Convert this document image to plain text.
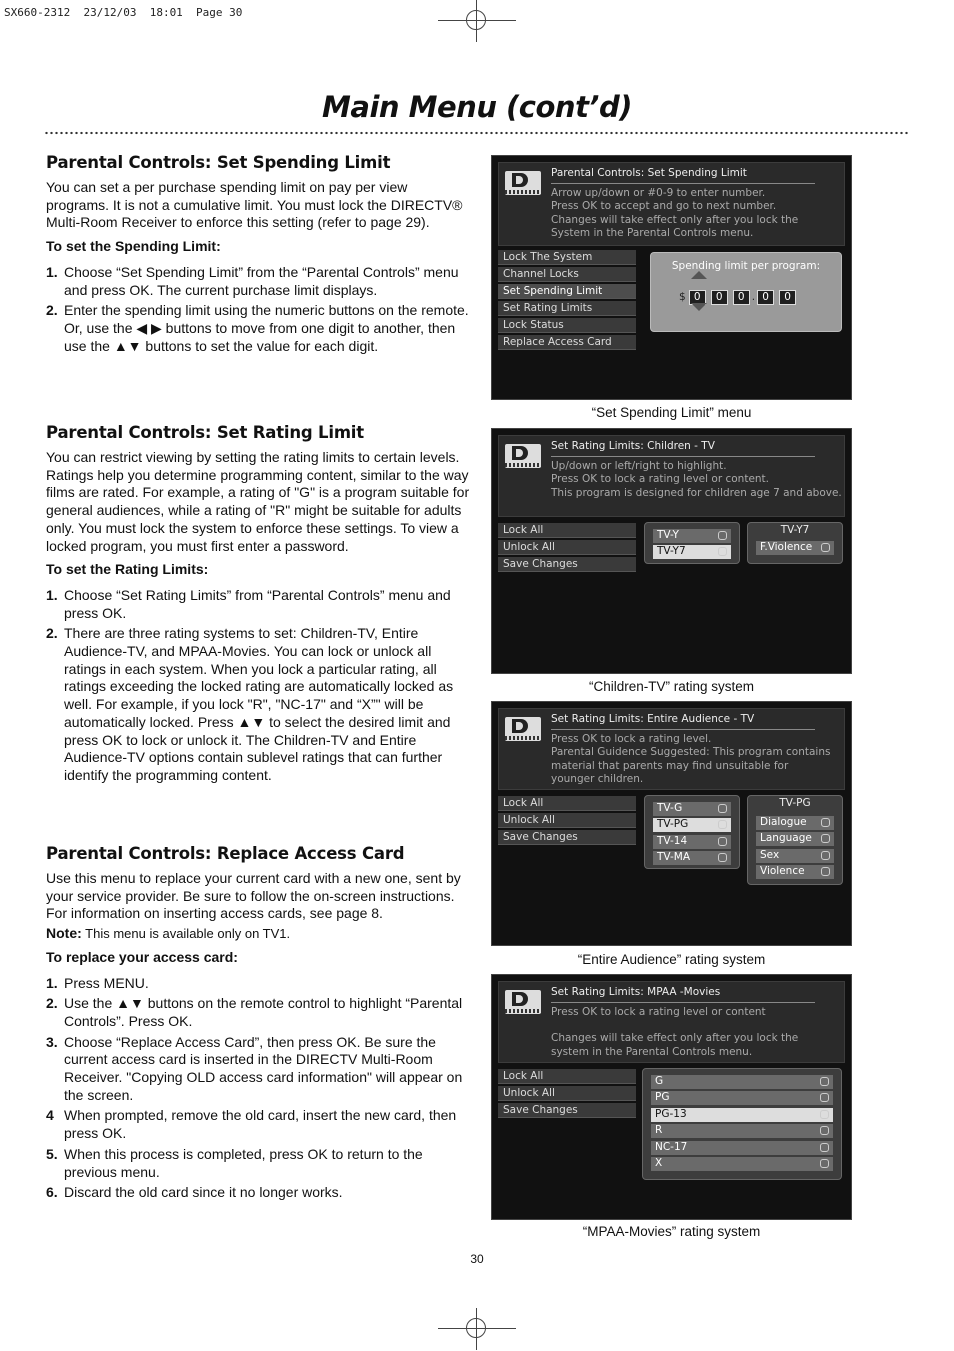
SX660-2312  23/12/03  18:01  Page 30
Main Menu (cont’d)
Parental Controls: Set Spending Limit

You can set a per purchase spending limit on pay per view programs. It is not a cumulative limit. You must lock the DIRECTV® Multi-Room Receiver to enforce this setting (refer to page 29).

To set the Spending Limit:
1. Choose “Set Spending Limit” from the “Parental Controls” menu and press OK. The current purchase limit displays.
2. Enter the spending limit using the numeric buttons on the remote. Or, use the ◀ ▶ buttons to move from one digit to another, then use the ▲▼ buttons to set the value for each digit.
Parental Controls: Set Rating Limit

You can restrict viewing by setting the rating limits to certain levels. Ratings help you determine programming content, similar to the way films are rated. For example, a rating of "G" is a program suitable for general audiences, while a rating of "R" might be suitable for adults only. You must lock the system to enforce these settings. To view a locked program, you must first enter a password.

To set the Rating Limits:
1. Choose “Set Rating Limits” from “Parental Controls” menu and press OK.
2. There are three rating systems to set: Children-TV, Entire Audience-TV, and MPAA-Movies. You can lock or unlock all ratings in each system. When you lock a particular rating, all ratings exceeding the locked rating are automatically locked as well. For example, if you lock "R", "NC-17" and “X”" will be automatically locked. Press ▲▼ to select the desired limit and press OK to lock or unlock it. The Children-TV and Entire Audience-TV options contain sublevel ratings that can further identify the programming content.
Parental Controls: Replace Access Card

Use this menu to replace your current card with a new one, sent by your service provider. Be sure to follow the on-screen instructions. For information on inserting access cards, see page 8.

Note: This menu is available only on TV1.

To replace your access card:
1. Press MENU.
2. Use the ▲▼ buttons on the remote control to highlight “Parental Controls”. Press OK.
3. Choose “Replace Access Card”, then press OK. Be sure the current access card is inserted in the DIRECTV Multi-Room Receiver. "Copying OLD access card information" will appear on the screen.
4 When prompted, remove the old card, insert the new card, then press OK.
5. When this process is completed, press OK to return to the previous menu.
6. Discard the old card since it no longer works.
Parental Controls: Set Spending Limit
Arrow up/down or #0-9 to enter number.
Press OK to accept and go to next number.
Changes will take effect only after you lock the
System in the Parental Controls menu.
Lock The System
Channel Locks
Set Spending Limit
Set Rating Limits
Lock Status
Replace Access Card
Spending limit per program:
$ 0 0 0 . 0 0
“Set Spending Limit” menu
Set Rating Limits: Children - TV
Up/down or left/right to highlight.
Press OK to lock a rating level or content.
This program is designed for children age 7 and above.
Lock All
Unlock All
Save Changes
TV-Y
TV-Y7
TV-Y7
F.Violence
“Children-TV” rating system
Set Rating Limits: Entire Audience - TV
Press OK to lock a rating level.
Parental Guidence Suggested: This program contains
material that parents may find unsuitable for
younger children.
Lock All
Unlock All
Save Changes
TV-G
TV-PG
TV-14
TV-MA
TV-PG
Dialogue
Language
Sex
Violence
“Entire Audience” rating system
Set Rating Limits: MPAA -Movies
Press OK to lock a rating level or content
Changes will take effect only after you lock the
system in the Parental Controls menu.
Lock All
Unlock All
Save Changes
G
PG
PG-13
R
NC-17
X
“MPAA-Movies” rating system
30
